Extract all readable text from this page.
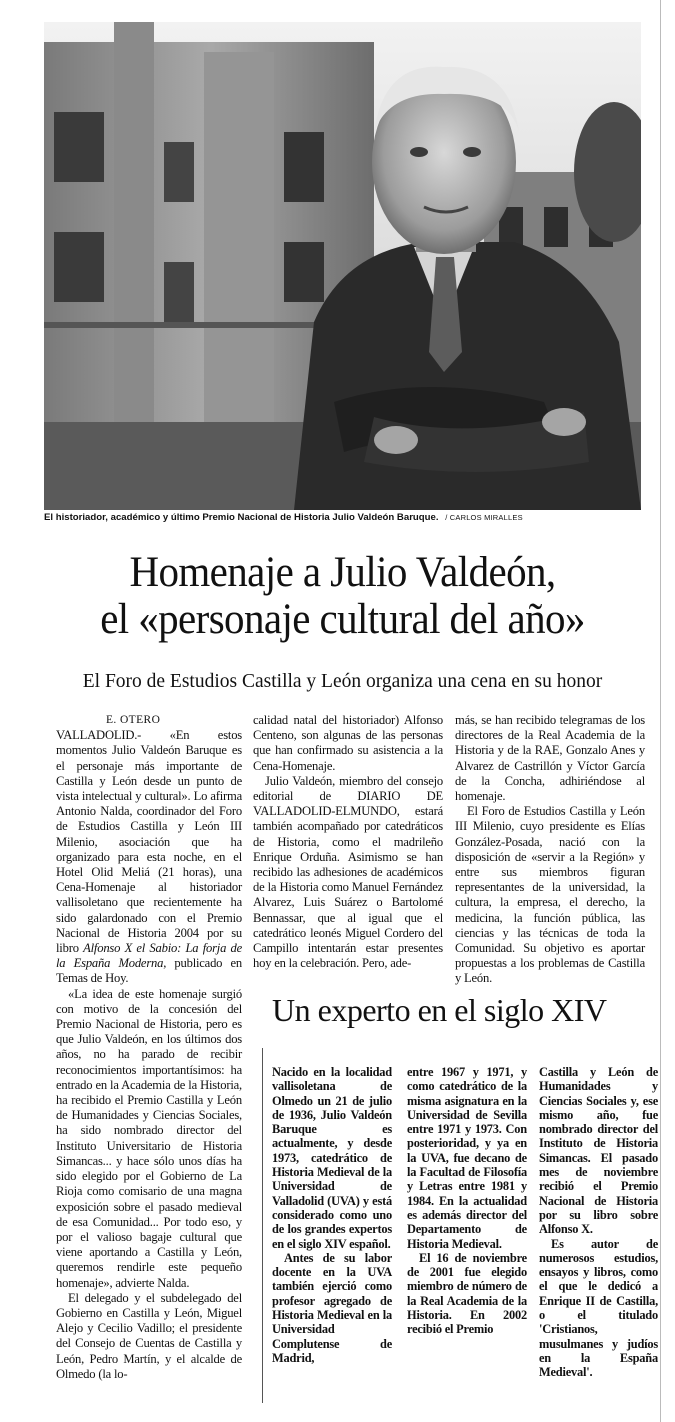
El historiador, académico y último Premio Nacional de Historia Julio Valdeón Baruque. / CARLOS MIRALLES
Homenaje a Julio Valdeón,
el «personaje cultural del año»
El Foro de Estudios Castilla y León organiza una cena en su honor
E. OTERO

VALLADOLID.- «En estos momentos Julio Valdeón Baruque es el personaje más importante de Castilla y León desde un punto de vista intelectual y cultural». Lo afirma Antonio Nalda, coordinador del Foro de Estudios Castilla y León III Milenio, asociación que ha organizado para esta noche, en el Hotel Olid Meliá (21 horas), una Cena-Homenaje al historiador vallisoletano que recientemente ha sido galardonado con el Premio Nacional de Historia 2004 por su libro Alfonso X el Sabio: La forja de la España Moderna, publicado en Temas de Hoy.

«La idea de este homenaje surgió con motivo de la concesión del Premio Nacional de Historia, pero es que Julio Valdeón, en los últimos dos años, no ha parado de recibir reconocimientos importantísimos: ha entrado en la Academia de la Historia, ha recibido el Premio Castilla y León de Humanidades y Ciencias Sociales, ha sido nombrado director del Instituto Universitario de Historia Simancas... y hace sólo unos días ha sido elegido por el Gobierno de La Rioja como comisario de una magna exposición sobre el pasado medieval de esa Comunidad... Por todo eso, y por el valioso bagaje cultural que viene aportando a Castilla y León, queremos rendirle este pequeño homenaje», advierte Nalda.

El delegado y el subdelegado del Gobierno en Castilla y León, Miguel Alejo y Cecilio Vadillo; el presidente del Consejo de Cuentas de Castilla y León, Pedro Martín, y el alcalde de Olmedo (la lo-

calidad natal del historiador) Alfonso Centeno, son algunas de las personas que han confirmado su asistencia a la Cena-Homenaje.

Julio Valdeón, miembro del consejo editorial de DIARIO DE VALLADOLID-ELMUNDO, estará también acompañado por catedráticos de Historia, como el madrileño Enrique Orduña. Asimismo se han recibido las adhesiones de académicos de la Historia como Manuel Fernández Alvarez, Luis Suárez o Bartolomé Bennassar, que al igual que el catedrático leonés Miguel Cordero del Campillo intentarán estar presentes hoy en la celebración. Pero, ade-

más, se han recibido telegramas de los directores de la Real Academia de la Historia y de la RAE, Gonzalo Anes y Alvarez de Castrillón y Víctor García de la Concha, adhiriéndose al homenaje.

El Foro de Estudios Castilla y León III Milenio, cuyo presidente es Elías González-Posada, nació con la disposición de «servir a la Región» y entre sus miembros figuran representantes de la universidad, la cultura, la empresa, el derecho, la medicina, la función pública, las ciencias y las técnicas de toda la Comunidad. Su objetivo es aportar propuestas a los problemas de Castilla y León.

Un experto en el siglo XIV

Nacido en la localidad vallisoletana de Olmedo un 21 de julio de 1936, Julio Valdeón Baruque es actualmente, y desde 1973, catedrático de Historia Medieval de la Universidad de Valladolid (UVA) y está considerado como uno de los grandes expertos en el siglo XIV español.

Antes de su labor docente en la UVA también ejerció como profesor agregado de Historia Medieval en la Universidad Complutense de Madrid,

entre 1967 y 1971, y como catedrático de la misma asignatura en la Universidad de Sevilla entre 1971 y 1973. Con posterioridad, y ya en la UVA, fue decano de la Facultad de Filosofía y Letras entre 1981 y 1984. En la actualidad es además director del Departamento de Historia Medieval.

El 16 de noviembre de 2001 fue elegido miembro de número de la Real Academia de la Historia. En 2002 recibió el Premio

Castilla y León de Humanidades y Ciencias Sociales y, ese mismo año, fue nombrado director del Instituto de Historia Simancas. El pasado mes de noviembre recibió el Premio Nacional de Historia por su libro sobre Alfonso X.

Es autor de numerosos estudios, ensayos y libros, como el que le dedicó a Enrique II de Castilla, o el titulado 'Cristianos, musulmanes y judíos en la España Medieval'.
